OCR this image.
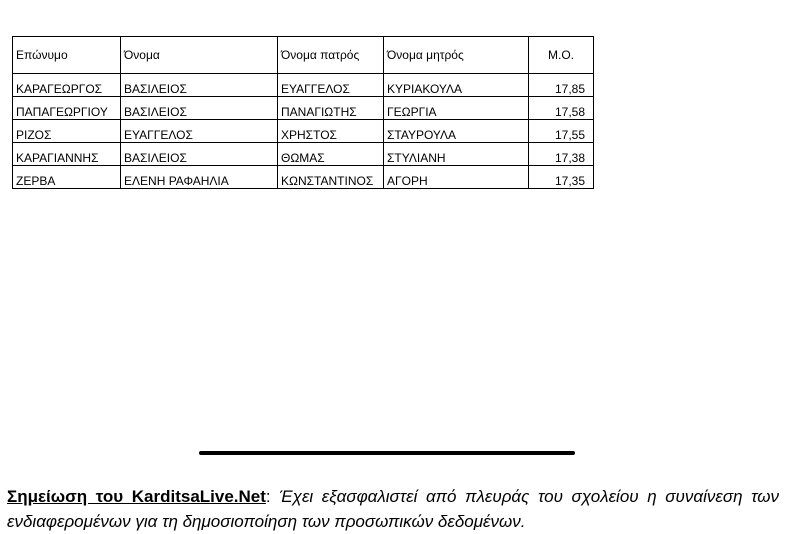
Επώνυμο	Όνομα	Όνομα πατρός	Όνομα μητρός	Μ.Ο.
ΚΑΡΑΓΕΩΡΓΟΣ	ΒΑΣΙΛΕΙΟΣ	ΕΥΑΓΓΕΛΟΣ	ΚΥΡΙΑΚΟΥΛΑ	17,85
ΠΑΠΑΓΕΩΡΓΙΟΥ	ΒΑΣΙΛΕΙΟΣ	ΠΑΝΑΓΙΩΤΗΣ	ΓΕΩΡΓΙΑ	17,58
ΡΙΖΟΣ	ΕΥΑΓΓΕΛΟΣ	ΧΡΗΣΤΟΣ	ΣΤΑΥΡΟΥΛΑ	17,55
ΚΑΡΑΓΙΑΝΝΗΣ	ΒΑΣΙΛΕΙΟΣ	ΘΩΜΑΣ	ΣΤΥΛΙΑΝΗ	17,38
ΖΕΡΒΑ	ΕΛΕΝΗ ΡΑΦΑΗΛΙΑ	ΚΩΝΣΤΑΝΤΙΝΟΣ	ΑΓΟΡΗ	17,35

Σημείωση του KarditsaLive.Net: Έχει εξασφαλιστεί από πλευράς του σχολείου η συναίνεση των ενδιαφερομένων για τη δημοσιοποίηση των προσωπικών δεδομένων.
